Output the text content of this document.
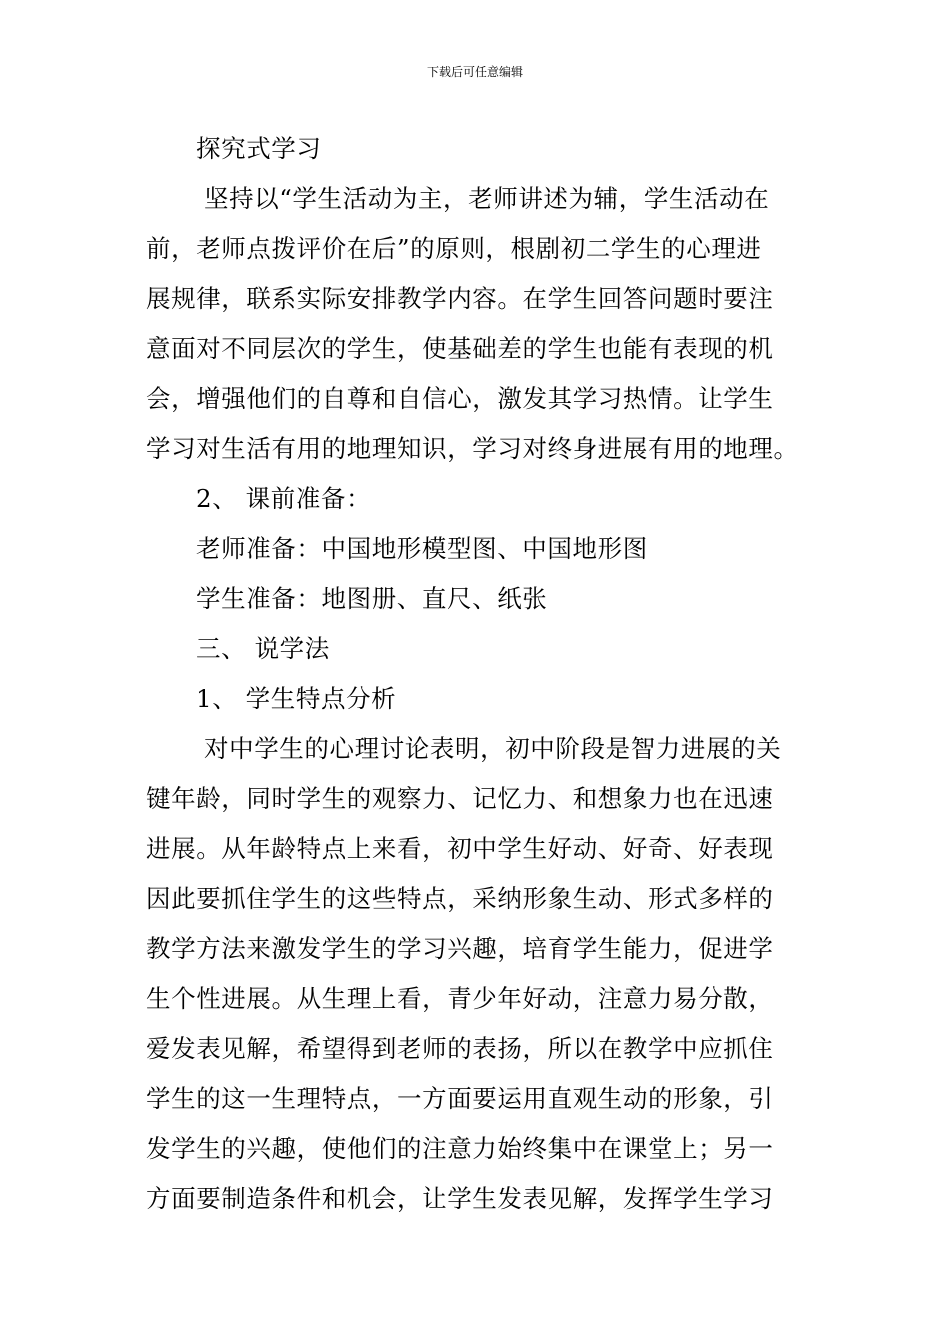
下载后可任意编辑
探究式学习
坚持以“学生活动为主，老师讲述为辅，学生活动在
前，老师点拨评价在后”的原则，根剧初二学生的心理进
展规律，联系实际安排教学内容。在学生回答问题时要注
意面对不同层次的学生，使基础差的学生也能有表现的机
会，增强他们的自尊和自信心，激发其学习热情。让学生
学习对生活有用的地理知识，学习对终身进展有用的地理。
2、 课前准备：
老师准备：中国地形模型图、中国地形图
学生准备：地图册、直尺、纸张
三、 说学法
1、 学生特点分析
对中学生的心理讨论表明，初中阶段是智力进展的关
键年龄，同时学生的观察力、记忆力、和想象力也在迅速
进展。从年龄特点上来看，初中学生好动、好奇、好表现
因此要抓住学生的这些特点，采纳形象生动、形式多样的
教学方法来激发学生的学习兴趣，培育学生能力，促进学
生个性进展。从生理上看，青少年好动，注意力易分散，
爱发表见解，希望得到老师的表扬，所以在教学中应抓住
学生的这一生理特点，一方面要运用直观生动的形象，引
发学生的兴趣，使他们的注意力始终集中在课堂上；另一
方面要制造条件和机会，让学生发表见解，发挥学生学习
